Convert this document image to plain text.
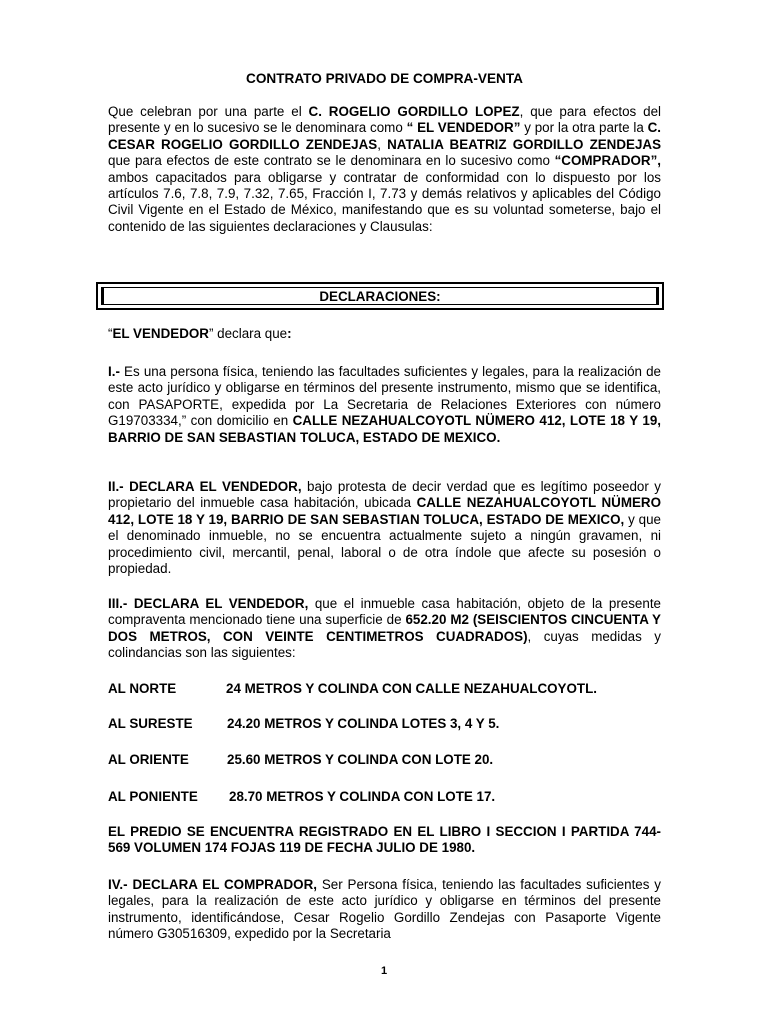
CONTRATO PRIVADO DE COMPRA-VENTA

Que celebran por una parte el C. ROGELIO GORDILLO LOPEZ, que para efectos del presente y en lo sucesivo se le denominara como “ EL VENDEDOR” y por la otra parte la C. CESAR ROGELIO GORDILLO ZENDEJAS, NATALIA BEATRIZ GORDILLO ZENDEJAS que para efectos de este contrato se le denominara en lo sucesivo como “COMPRADOR”, ambos capacitados para obligarse y contratar de conformidad con lo dispuesto por los artículos 7.6, 7.8, 7.9, 7.32, 7.65, Fracción I, 7.73 y demás relativos y aplicables del Código Civil Vigente en el Estado de México, manifestando que es su voluntad someterse, bajo el contenido de las siguientes declaraciones y Clausulas:

DECLARACIONES:

“EL VENDEDOR” declara que:

I.- Es una persona física, teniendo las facultades suficientes y legales, para la realización de este acto jurídico y obligarse en términos del presente instrumento, mismo que se identifica, con PASAPORTE, expedida por La Secretaria de Relaciones Exteriores con número G19703334,” con domicilio en CALLE NEZAHUALCOYOTL NÜMERO 412, LOTE 18 Y 19, BARRIO DE SAN SEBASTIAN TOLUCA, ESTADO DE MEXICO.

II.- DECLARA EL VENDEDOR, bajo protesta de decir verdad que es legítimo poseedor y propietario del inmueble casa habitación, ubicada CALLE NEZAHUALCOYOTL NÜMERO 412, LOTE 18 Y 19, BARRIO DE SAN SEBASTIAN TOLUCA, ESTADO DE MEXICO, y que el denominado inmueble, no se encuentra actualmente sujeto a ningún gravamen, ni procedimiento civil, mercantil, penal, laboral o de otra índole que afecte su posesión o propiedad.

III.- DECLARA EL VENDEDOR, que el inmueble casa habitación, objeto de la presente compraventa mencionado tiene una superficie de 652.20 M2 (SEISCIENTOS CINCUENTA Y DOS METROS, CON VEINTE CENTIMETROS CUADRADOS), cuyas medidas y colindancias son las siguientes:

AL NORTE	24 METROS Y COLINDA CON CALLE NEZAHUALCOYOTL.
AL SURESTE	24.20 METROS Y COLINDA LOTES 3, 4 Y 5.
AL ORIENTE	25.60 METROS Y COLINDA CON LOTE 20.
AL PONIENTE 28.70 METROS Y COLINDA CON LOTE 17.

EL PREDIO SE ENCUENTRA REGISTRADO EN EL LIBRO I SECCION I PARTIDA 744-569 VOLUMEN 174 FOJAS 119 DE FECHA JULIO DE 1980.

IV.- DECLARA EL COMPRADOR, Ser Persona física, teniendo las facultades suficientes y legales, para la realización de este acto jurídico y obligarse en términos del presente instrumento, identificándose, Cesar Rogelio Gordillo Zendejas con Pasaporte Vigente número G30516309, expedido por la Secretaria

1
